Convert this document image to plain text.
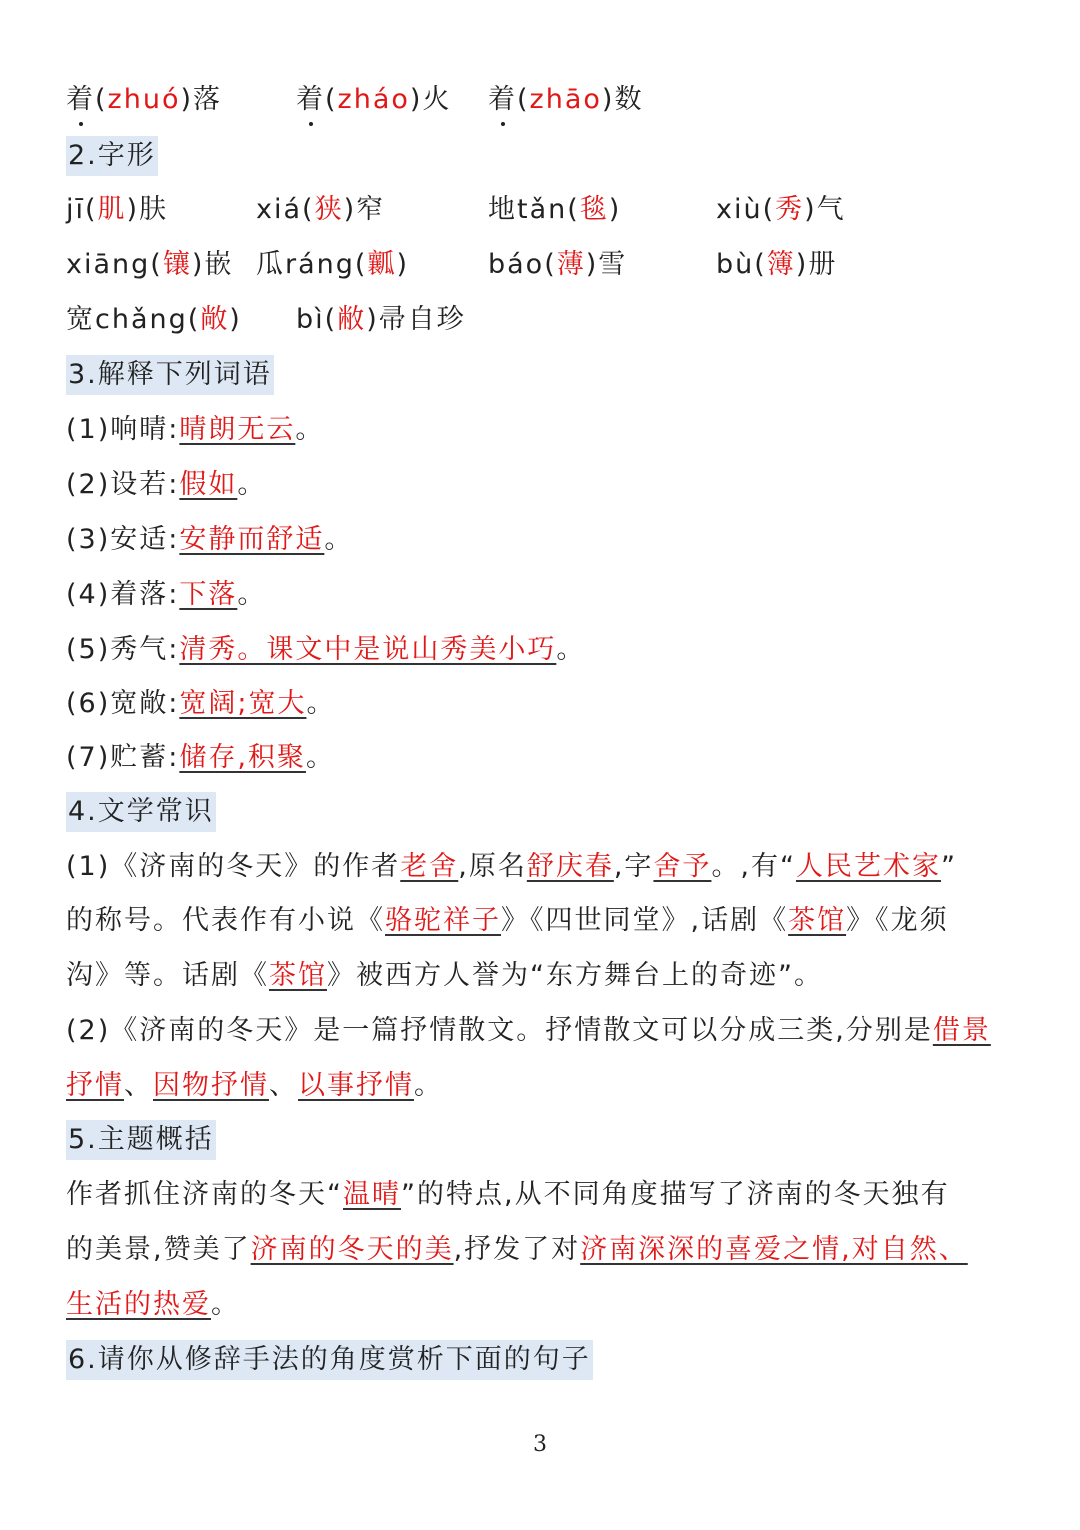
着(zhuó)落	着(zháo)火 着(zhāo)数
2.字形
jī(肌)肤	xiá(狭)窄	地tǎn(毯)	xiù(秀)气
xiāng(镶)嵌 瓜ráng(瓤)	báo(薄)雪	bù(簿)册
宽chǎng(敞) bì(敝)帚自珍
3.解释下列词语
(1)响晴:晴朗无云。
(2)设若:假如。
(3)安适:安静而舒适。
(4)着落:下落。
(5)秀气:清秀。课文中是说山秀美小巧。
(6)宽敞:宽阔;宽大。
(7)贮蓄:储存,积聚。
4.文学常识
(1)《济南的冬天》的作者老舍,原名舒庆春,字舍予。,有“人民艺术家”
的称号。代表作有小说《骆驼祥子》《四世同堂》,话剧《茶馆》《龙须
沟》等。话剧《茶馆》被西方人誉为“东方舞台上的奇迹”。
(2)《济南的冬天》是一篇抒情散文。抒情散文可以分成三类,分别是借景
抒情、因物抒情、以事抒情。
5.主题概括
作者抓住济南的冬天“温晴”的特点,从不同角度描写了济南的冬天独有
的美景,赞美了济南的冬天的美,抒发了对济南深深的喜爱之情,对自然、
生活的热爱。
6.请你从修辞手法的角度赏析下面的句子
3
